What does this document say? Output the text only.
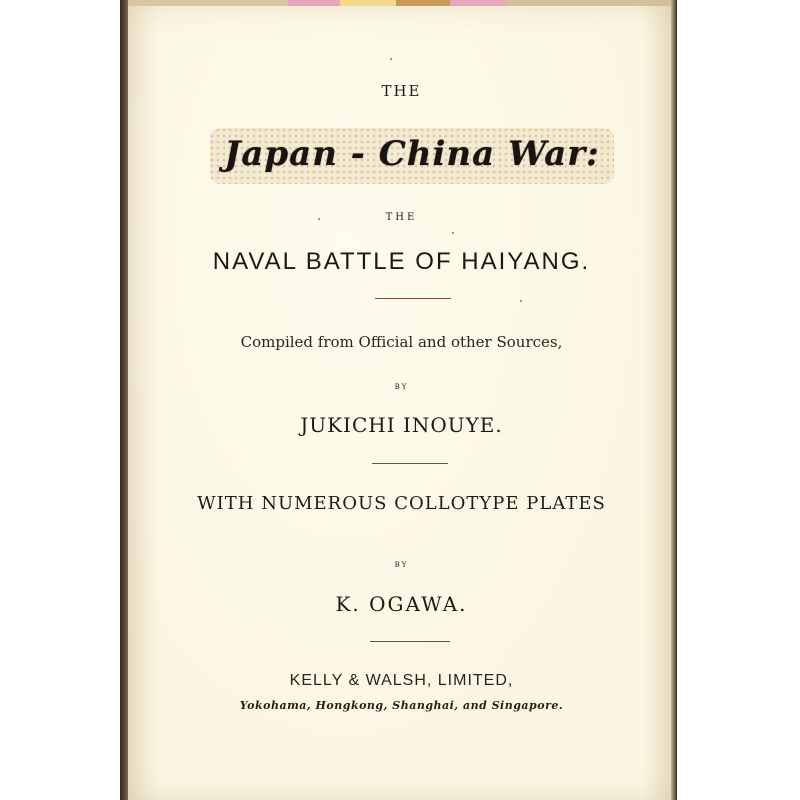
THE
Japan - China War:
THE
NAVAL BATTLE OF HAIYANG.
Compiled from Official and other Sources,
BY
JUKICHI INOUYE.
WITH NUMEROUS COLLOTYPE PLATES
BY
K. OGAWA.
KELLY & WALSH, LIMITED,
Yokohama, Hongkong, Shanghai, and Singapore.
